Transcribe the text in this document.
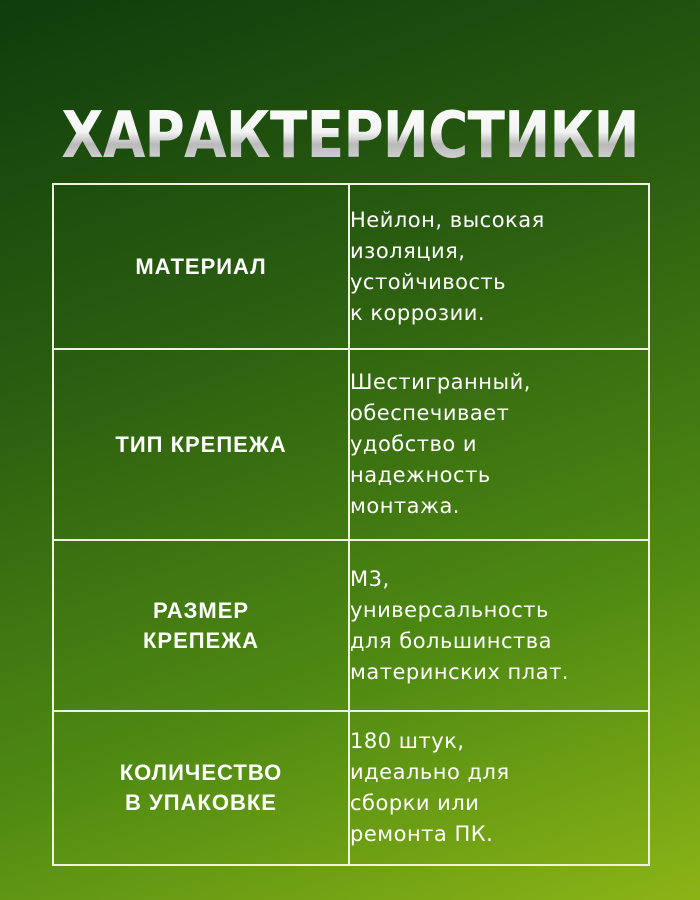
ХАРАКТЕРИСТИКИ
МАТЕРИАЛ	Нейлон, высокая
изоляция,
устойчивость
к коррозии.

ТИП КРЕПЕЖА	Шестигранный,
обеспечивает
удобство и
надежность
монтажа.

РАЗМЕР
КРЕПЕЖА	М3,
универсальность
для большинства
материнских плат.

КОЛИЧЕСТВО
В УПАКОВКЕ	180 штук,
идеально для
сборки или
ремонта ПК.
